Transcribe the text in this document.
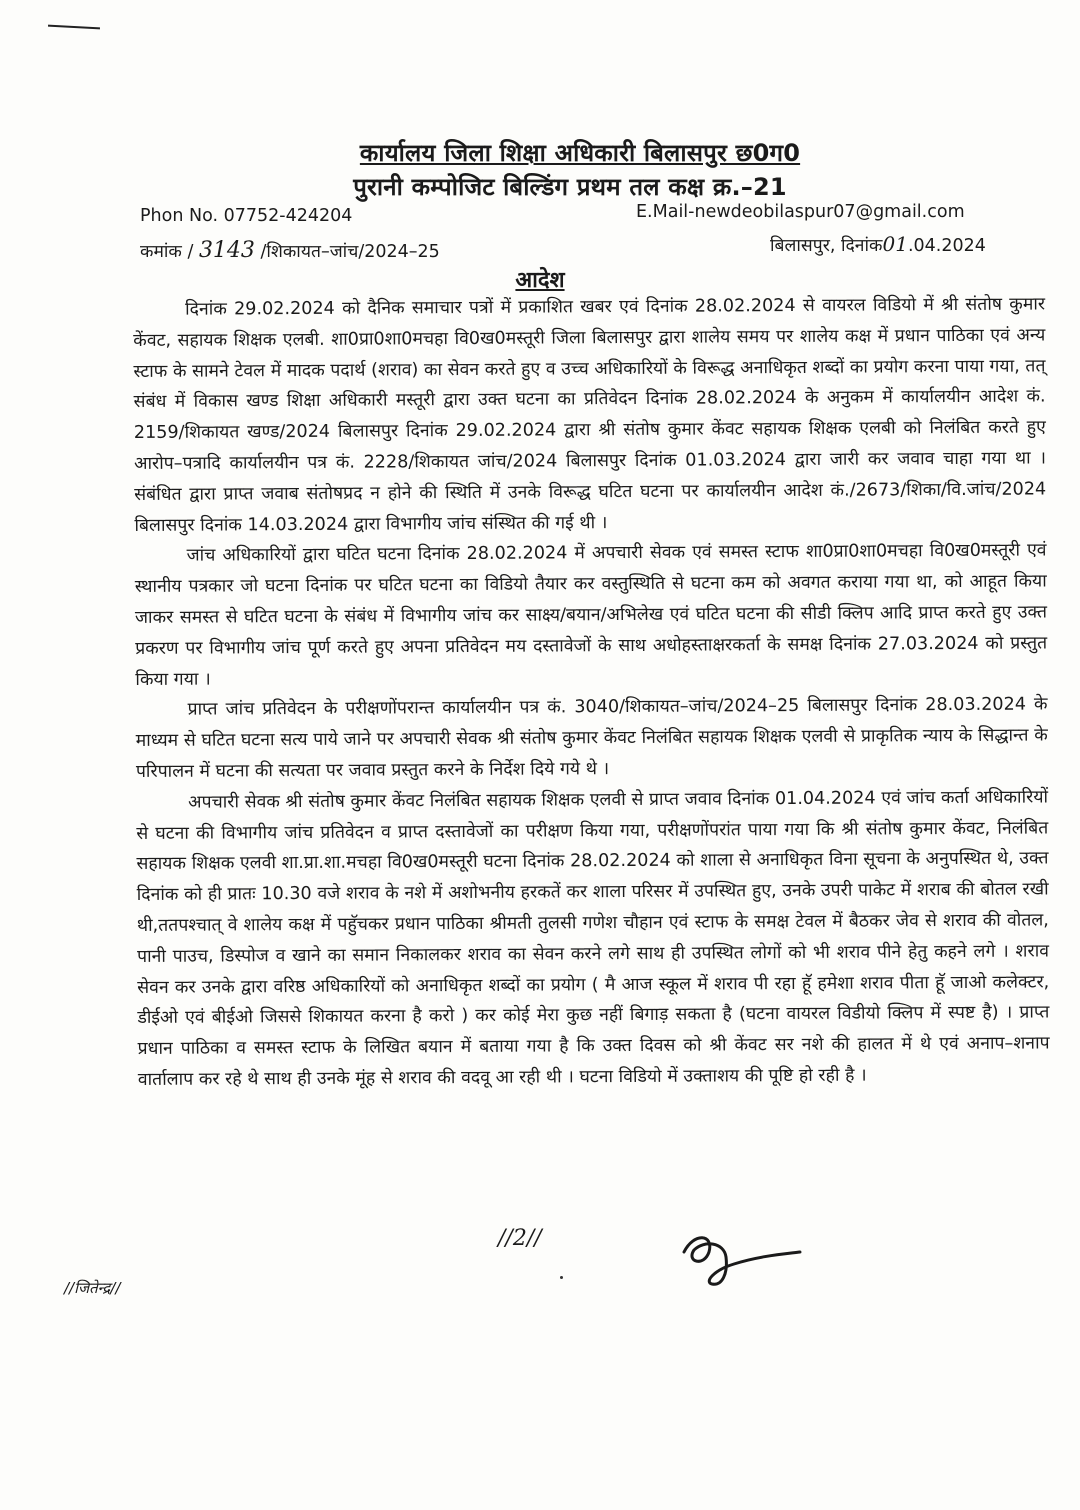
कार्यालय जिला शिक्षा अधिकारी बिलासपुर छ0ग0
पुरानी कम्पोजिट बिल्डिंग प्रथम तल कक्ष क्र.–21
Phon No. 07752-424204	E.Mail-newdeobilaspur07@gmail.com
कमांक / 3143 /शिकायत–जांच/2024–25	बिलासपुर, दिनांक01.04.2024
आदेश

दिनांक 29.02.2024 को दैनिक समाचार पत्रों में प्रकाशित खबर एवं दिनांक 28.02.2024 से वायरल विडियो में श्री संतोष कुमार केंवट, सहायक शिक्षक एलबी. शा0प्रा0शा0मचहा वि0ख0मस्तूरी जिला बिलासपुर द्वारा शालेय समय पर शालेय कक्ष में प्रधान पाठिका एवं अन्य स्टाफ के सामने टेवल में मादक पदार्थ (शराव) का सेवन करते हुए व उच्च अधिकारियों के विरूद्ध अनाधिकृत शब्दों का प्रयोग करना पाया गया, तत् संबंध में विकास खण्ड शिक्षा अधिकारी मस्तूरी द्वारा उक्त घटना का प्रतिवेदन दिनांक 28.02.2024 के अनुकम में कार्यालयीन आदेश कं. 2159/शिकायत खण्ड/2024 बिलासपुर दिनांक 29.02.2024 द्वारा श्री संतोष कुमार केंवट सहायक शिक्षक एलबी को निलंबित करते हुए आरोप–पत्रादि कार्यालयीन पत्र कं. 2228/शिकायत जांच/2024 बिलासपुर दिनांक 01.03.2024 द्वारा जारी कर जवाव चाहा गया था । संबंधित द्वारा प्राप्त जवाब संतोषप्रद न होने की स्थिति में उनके विरूद्ध घटित घटना पर कार्यालयीन आदेश कं./2673/शिका/वि.जांच/2024 बिलासपुर दिनांक 14.03.2024 द्वारा विभागीय जांच संस्थित की गई थी ।

जांच अधिकारियों द्वारा घटित घटना दिनांक 28.02.2024 में अपचारी सेवक एवं समस्त स्टाफ शा0प्रा0शा0मचहा वि0ख0मस्तूरी एवं स्थानीय पत्रकार जो घटना दिनांक पर घटित घटना का विडियो तैयार कर वस्तुस्थिति से घटना कम को अवगत कराया गया था, को आहूत किया जाकर समस्त से घटित घटना के संबंध में विभागीय जांच कर साक्ष्य/बयान/अभिलेख एवं घटित घटना की सीडी क्लिप आदि प्राप्त करते हुए उक्त प्रकरण पर विभागीय जांच पूर्ण करते हुए अपना प्रतिवेदन मय दस्तावेजों के साथ अधोहस्ताक्षरकर्ता के समक्ष दिनांक 27.03.2024 को प्रस्तुत किया गया ।

प्राप्त जांच प्रतिवेदन के परीक्षणोंपरान्त कार्यालयीन पत्र कं. 3040/शिकायत–जांच/2024–25 बिलासपुर दिनांक 28.03.2024 के माध्यम से घटित घटना सत्य पाये जाने पर अपचारी सेवक श्री संतोष कुमार केंवट निलंबित सहायक शिक्षक एलवी से प्राकृतिक न्याय के सिद्धान्त के परिपालन में घटना की सत्यता पर जवाव प्रस्तुत करने के निर्देश दिये गये थे ।

अपचारी सेवक श्री संतोष कुमार केंवट निलंबित सहायक शिक्षक एलवी से प्राप्त जवाव दिनांक 01.04.2024 एवं जांच कर्ता अधिकारियों से घटना की विभागीय जांच प्रतिवेदन व प्राप्त दस्तावेजों का परीक्षण किया गया, परीक्षणोंपरांत पाया गया कि श्री संतोष कुमार केंवट, निलंबित सहायक शिक्षक एलवी शा.प्रा.शा.मचहा वि0ख0मस्तूरी घटना दिनांक 28.02.2024 को शाला से अनाधिकृत विना सूचना के अनुपस्थित थे, उक्त दिनांक को ही प्रातः 10.30 वजे शराव के नशे में अशोभनीय हरकतें कर शाला परिसर में उपस्थित हुए, उनके उपरी पाकेट में शराब की बोतल रखी थी,ततपश्चात् वे शालेय कक्ष में पहुॅचकर प्रधान पाठिका श्रीमती तुलसी गणेश चौहान एवं स्टाफ के समक्ष टेवल में बैठकर जेव से शराव की वोतल, पानी पाउच, डिस्पोज व खाने का समान निकालकर शराव का सेवन करने लगे साथ ही उपस्थित लोगों को भी शराव पीने हेतु कहने लगे । शराव सेवन कर उनके द्वारा वरिष्ठ अधिकारियों को अनाधिकृत शब्दों का प्रयोग ( मै आज स्कूल में शराव पी रहा हूॅ हमेशा शराव पीता हूॅ जाओ कलेक्टर, डीईओ एवं बीईओ जिससे शिकायत करना है करो ) कर कोई मेरा कुछ नहीं बिगाड़ सकता है (घटना वायरल विडीयो क्लिप में स्पष्ट है) । प्राप्त प्रधान पाठिका व समस्त स्टाफ के लिखित बयान में बताया गया है कि उक्त दिवस को श्री केंवट सर नशे की हालत में थे एवं अनाप–शनाप वार्तालाप कर रहे थे साथ ही उनके मूंह से शराव की वदवू आ रही थी । घटना विडियो में उक्ताशय की पूष्टि हो रही है ।

//2//
//जितेन्द्र//
